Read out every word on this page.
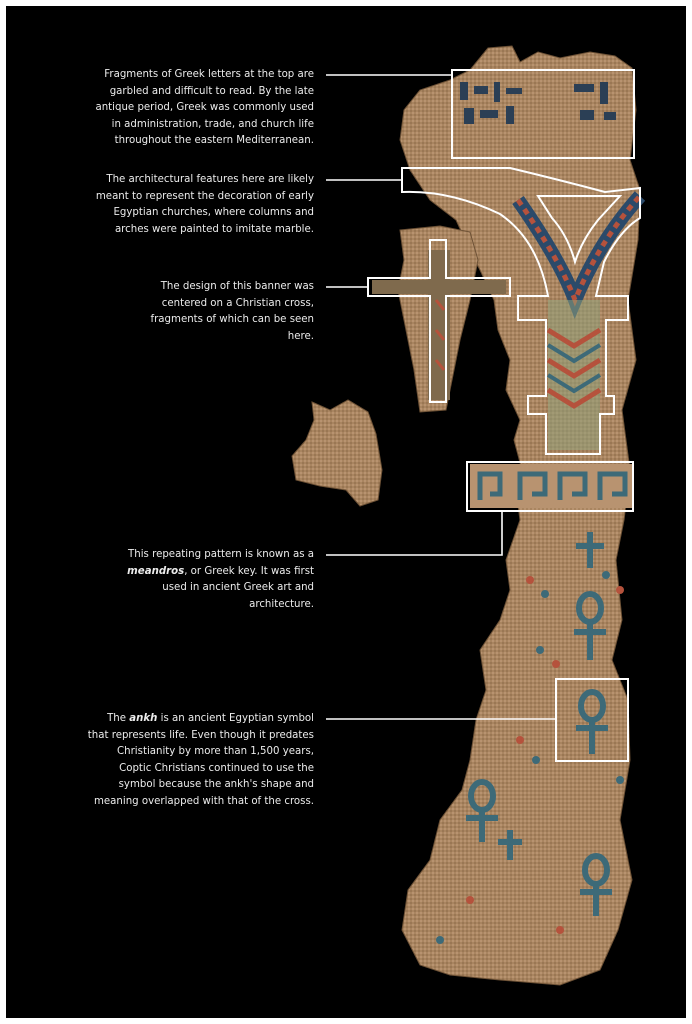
Fragments of Greek letters at the top are garbled and difficult to read. By the late antique period, Greek was commonly used in administration, trade, and church life throughout the eastern Mediterranean.

The architectural features here are likely meant to represent the decoration of early Egyptian churches, where columns and arches were painted to imitate marble.

The design of this banner was centered on a Christian cross, fragments of which can be seen here.

This repeating pattern is known as a meandros, or Greek key. It was first used in ancient Greek art and architecture.

The ankh is an ancient Egyptian symbol that represents life. Even though it predates Christianity by more than 1,500 years, Coptic Christians continued to use the symbol because the ankh's shape and meaning overlapped with that of the cross.
